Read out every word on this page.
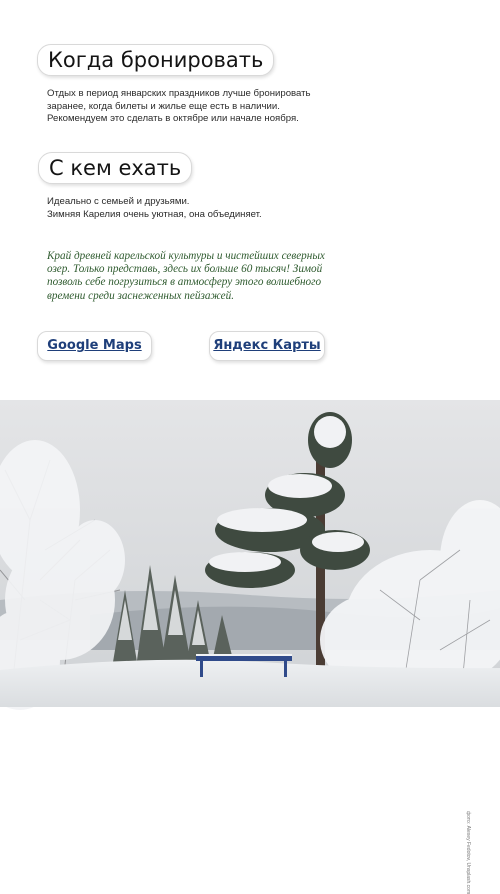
Когда бронировать
Отдых в период январских праздников лучше бронировать
заранее, когда билеты и жилье еще есть в наличии.
Рекомендуем это сделать в октябре или начале ноября.
С кем ехать
Идеально с семьей и друзьями.
Зимняя Карелия очень уютная, она объединяет.
Край древней карельской культуры и чистейших северных
озер. Только представь, здесь их больше 60 тысяч! Зимой
позволь себе погрузиться в атмосферу этого волшебного
времени среди заснеженных пейзажей.
Google Maps	Яндекс Карты
фото: Alexey Fedotov, Unsplash.com
